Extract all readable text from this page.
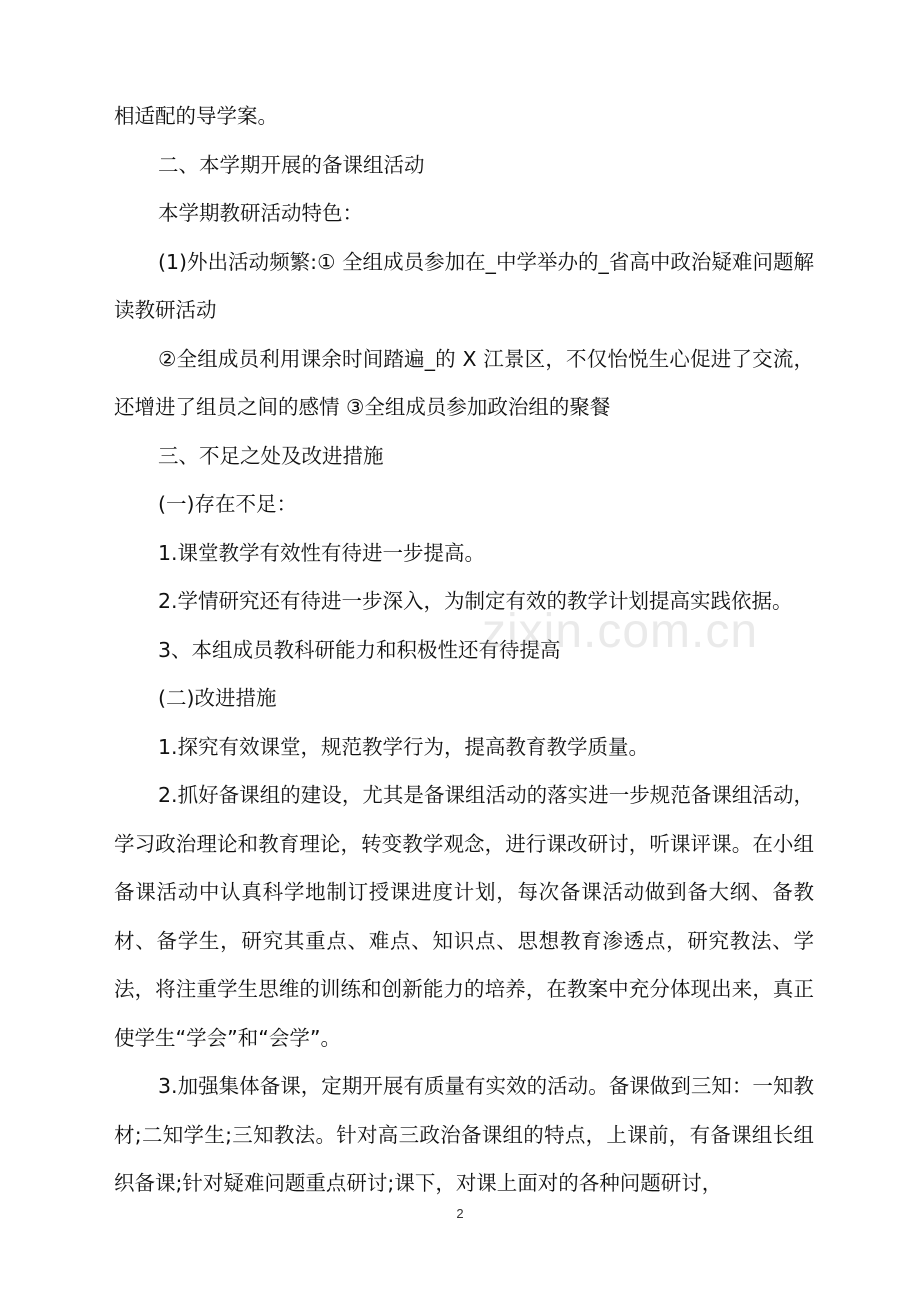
相适配的导学案。

二、本学期开展的备课组活动

本学期教研活动特色：

(1)外出活动频繁:① 全组成员参加在_中学举办的_省高中政治疑难问题解读教研活动

②全组成员利用课余时间踏遍_的 X 江景区，不仅怡悦生心促进了交流，还增进了组员之间的感情 ③全组成员参加政治组的聚餐

三、不足之处及改进措施

(一)存在不足：

1.课堂教学有效性有待进一步提高。

2.学情研究还有待进一步深入，为制定有效的教学计划提高实践依据。

3、本组成员教科研能力和积极性还有待提高

(二)改进措施

1.探究有效课堂，规范教学行为，提高教育教学质量。

2.抓好备课组的建设，尤其是备课组活动的落实进一步规范备课组活动，学习政治理论和教育理论，转变教学观念，进行课改研讨，听课评课。在小组备课活动中认真科学地制订授课进度计划，每次备课活动做到备大纲、备教材、备学生，研究其重点、难点、知识点、思想教育渗透点，研究教法、学法，将注重学生思维的训练和创新能力的培养，在教案中充分体现出来，真正使学生“学会”和“会学”。

3.加强集体备课，定期开展有质量有实效的活动。备课做到三知：一知教材;二知学生;三知教法。针对高三政治备课组的特点，上课前，有备课组长组织备课;针对疑难问题重点研讨;课下，对课上面对的各种问题研讨，

zixin.com.cn
2
